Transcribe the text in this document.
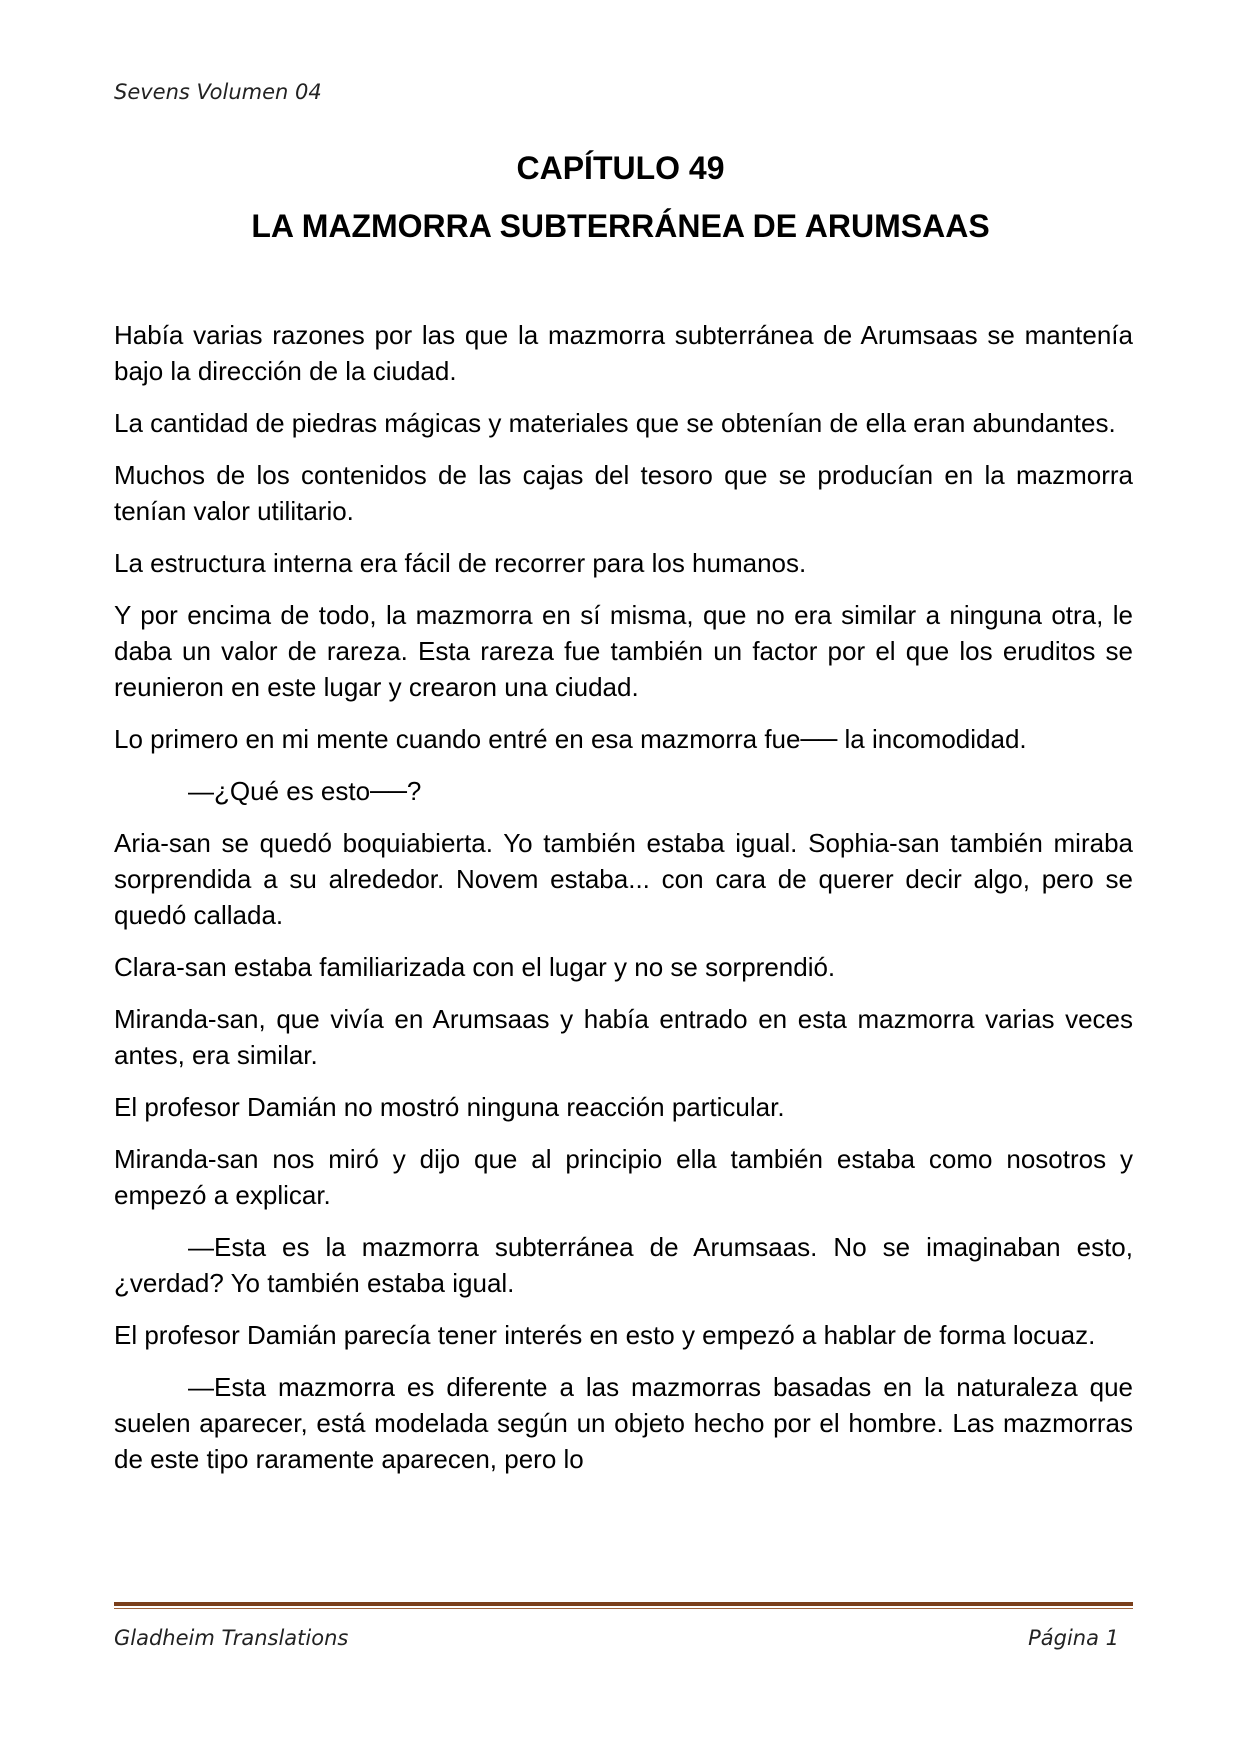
Sevens Volumen 04
CAPÍTULO 49
LA MAZMORRA SUBTERRÁNEA DE ARUMSAAS

Había varias razones por las que la mazmorra subterránea de Arumsaas se mantenía bajo la dirección de la ciudad.

La cantidad de piedras mágicas y materiales que se obtenían de ella eran abundantes.

Muchos de los contenidos de las cajas del tesoro que se producían en la mazmorra tenían valor utilitario.

La estructura interna era fácil de recorrer para los humanos.

Y por encima de todo, la mazmorra en sí misma, que no era similar a ninguna otra, le daba un valor de rareza. Esta rareza fue también un factor por el que los eruditos se reunieron en este lugar y crearon una ciudad.

Lo primero en mi mente cuando entré en esa mazmorra fue── la incomodidad.

—¿Qué es esto──?

Aria-san se quedó boquiabierta. Yo también estaba igual. Sophia-san también miraba sorprendida a su alrededor. Novem estaba... con cara de querer decir algo, pero se quedó callada.

Clara-san estaba familiarizada con el lugar y no se sorprendió.

Miranda-san, que vivía en Arumsaas y había entrado en esta mazmorra varias veces antes, era similar.

El profesor Damián no mostró ninguna reacción particular.

Miranda-san nos miró y dijo que al principio ella también estaba como nosotros y empezó a explicar.

—Esta es la mazmorra subterránea de Arumsaas. No se imaginaban esto, ¿verdad? Yo también estaba igual.

El profesor Damián parecía tener interés en esto y empezó a hablar de forma locuaz.

—Esta mazmorra es diferente a las mazmorras basadas en la naturaleza que suelen aparecer, está modelada según un objeto hecho por el hombre. Las mazmorras de este tipo raramente aparecen, pero lo

Gladheim Translations	Página 1
